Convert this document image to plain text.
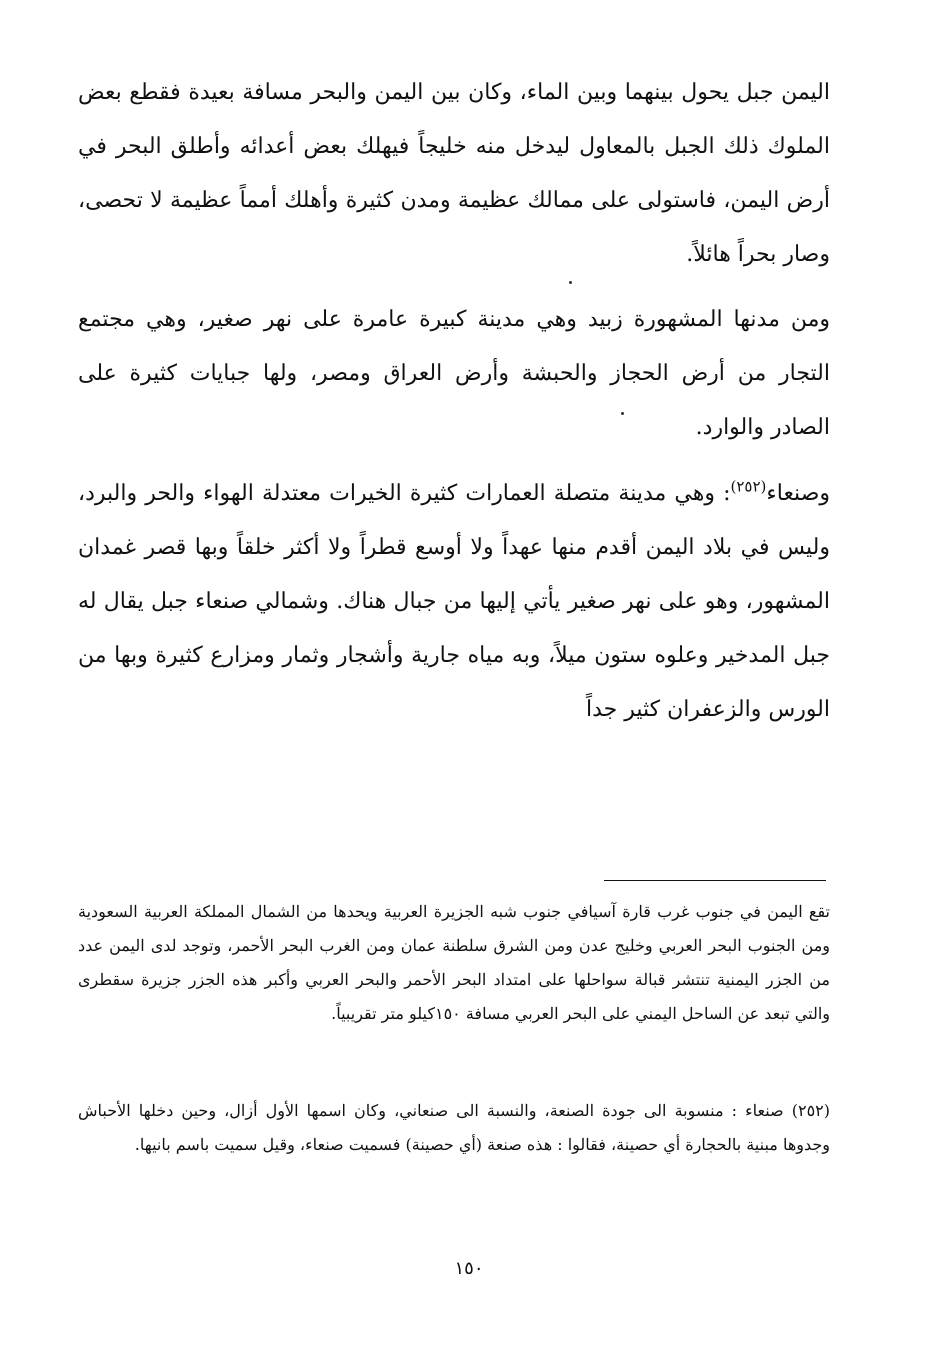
اليمن جبل يحول بينهما وبين الماء، وكان بين اليمن والبحر مسافة بعيدة فقطع بعض الملوك ذلك الجبل بالمعاول ليدخل منه خليجاً فيهلك بعض أعدائه وأطلق البحر في أرض اليمن، فاستولى على ممالك عظيمة ومدن كثيرة وأهلك أمماً عظيمة لا تحصى، وصار بحراً هائلاً.

ومن مدنها المشهورة زبيد وهي مدينة كبيرة عامرة على نهر صغير، وهي مجتمع التجار من أرض الحجاز والحبشة وأرض العراق ومصر، ولها جبايات كثيرة على الصادر والوارد.

وصنعاء$^{(٢٥٢)}$: وهي مدينة متصلة العمارات كثيرة الخيرات معتدلة الهواء والحر والبرد، وليس في بلاد اليمن أقدم منها عهداً ولا أوسع قطراً ولا أكثر خلقاً وبها قصر غمدان المشهور، وهو على نهر صغير يأتي إليها من جبال هناك. وشمالي صنعاء جبل يقال له جبل المدخير وعلوه ستون ميلاً، وبه مياه جارية وأشجار وثمار ومزارع كثيرة وبها من الورس والزعفران كثير جداً

تقع اليمن في جنوب غرب قارة آسيافي جنوب شبه الجزيرة العربية ويحدها من الشمال المملكة العربية السعودية ومن الجنوب البحر العربي وخليج عدن ومن الشرق سلطنة عمان ومن الغرب البحر الأحمر، وتوجد لدى اليمن عدد من الجزر اليمنية تنتشر قبالة سواحلها على امتداد البحر الأحمر والبحر العربي وأكبر هذه الجزر جزيرة سقطرى والتي تبعد عن الساحل اليمني على البحر العربي مسافة ١٥٠كيلو متر تقريبياً.

(٢٥٢) صنعاء : منسوبة الى جودة الصنعة، والنسبة الى صنعاني، وكان اسمها الأول أزال، وحين دخلها الأحباش وجدوها مبنية بالحجارة أي حصينة، فقالوا : هذه صنعة (أي حصينة) فسميت صنعاء، وقيل سميت باسم بانيها.

١٥٠
